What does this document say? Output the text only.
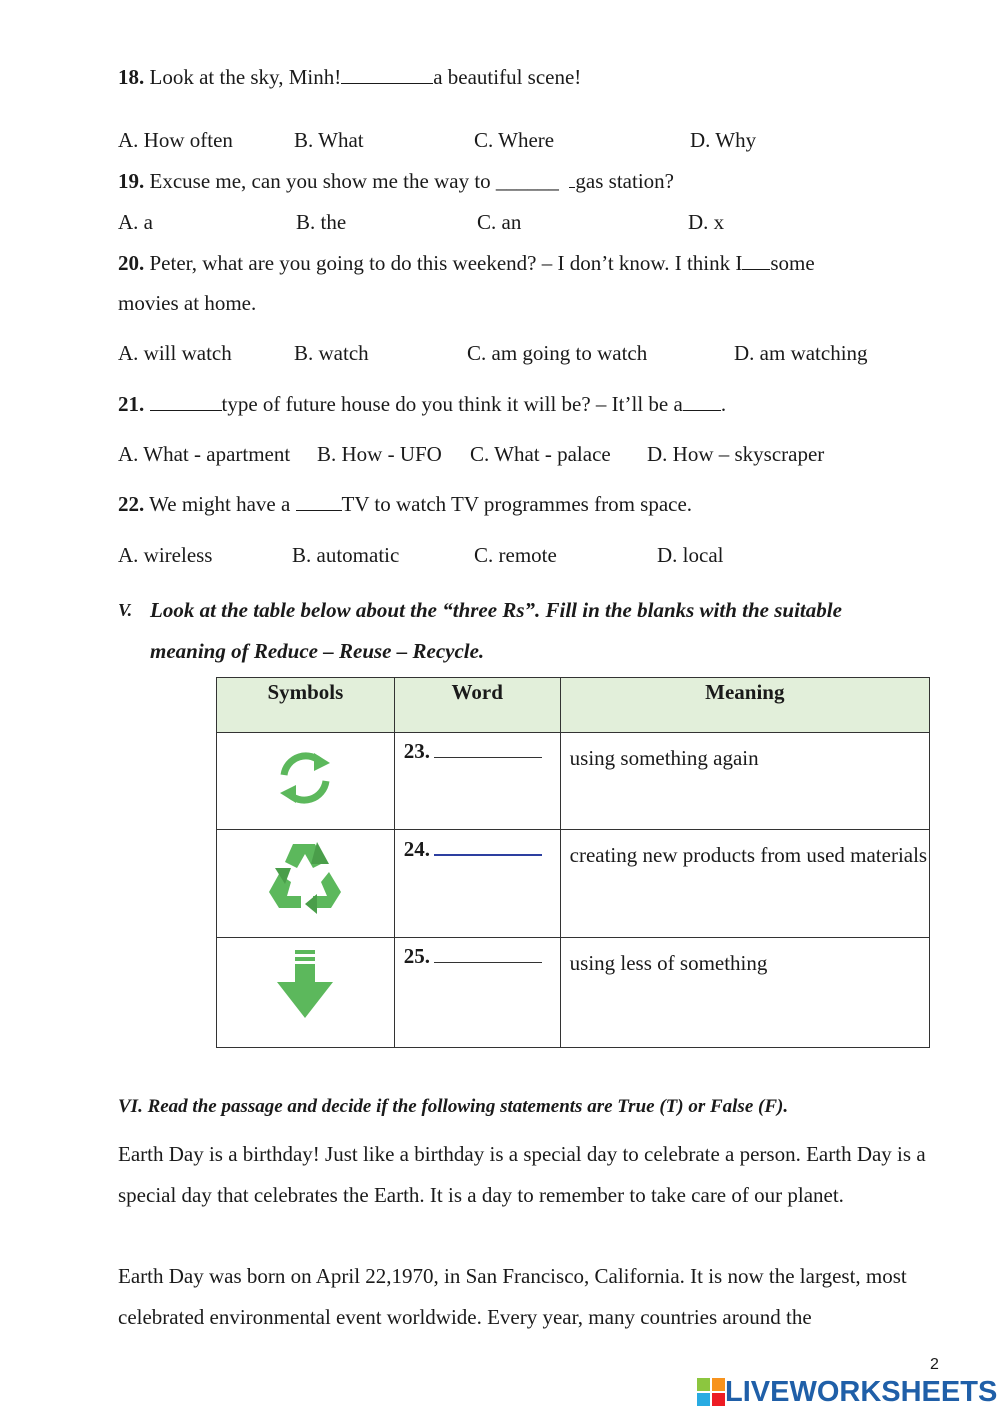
18. Look at the sky, Minh!	a beautiful scene!
A. How often	B. What	C. Where	D. Why
19. Excuse me, can you show me the way to ______ gas station?
A. a	B. the	C. an	D. x
20. Peter, what are you going to do this weekend? – I don’t know. I think I some
movies at home.
A. will watch	B. watch	C. am going to watch	D. am watching
21.	type of future house do you think it will be? – It’ll be a .
A. What - apartment B. How - UFO C. What - palace D. How – skyscraper
22. We might have a TV to watch TV programmes from space.
A. wireless	B. automatic	C. remote	D. local
V. Look at the table below about the “three Rs”. Fill in the blanks with the suitable
meaning of Reduce – Reuse – Recycle.
Symbols	Word	Meaning
	23.	using something again
	24.	creating new products from used materials
	25.	using less of something
VI. Read the passage and decide if the following statements are True (T) or False (F).
Earth Day is a birthday! Just like a birthday is a special day to celebrate a person. Earth Day is a special day that celebrates the Earth. It is a day to remember to take care of our planet.
Earth Day was born on April 22,1970, in San Francisco, California. It is now the largest, most celebrated environmental event worldwide. Every year, many countries around the
2
LIVEWORKSHEETS
